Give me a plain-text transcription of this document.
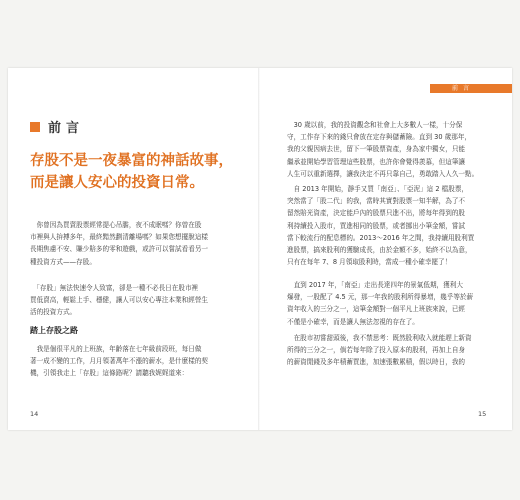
前言
存股不是一夜暴富的神話故事，
而是讓人安心的投資日常。

　你曾因為買賣股票經常提心吊膽，夜不成眠嗎？你曾在股

市裡與人拚搏多年，最終黯然劃清離場嗎？如果您想擺脫這樣

長期焦慮不安、賺少賠多的零和遊戲，或許可以嘗試看看另一

種投資方式——存股。

　「存股」無法快速令人致富，卻是一種不必長日在股市裡

買低賣高，輕鬆上手、穩健，讓人可以安心專注本業和經營生

活的投資方式。

踏上存股之路

　我是個很平凡的上班族，年齡落在七年級前段班，每日做

著一成不變的工作，月月領著萬年不漲的薪水，是什麼樣的契

機，引領我走上「存股」這條路呢？請聽我娓娓道來：

14
前言

　30 歲以前，我的投資觀念和社會上大多數人一樣，十分保

守，工作存下來的錢只會放在定存與儲蓄險。直到 30 歲那年，

我的父親因病去世，留下一筆股票資產，身為家中獨女，只能

繼承並開始學習管理這些股票，也許你會覺得羨慕，但這筆讓

人生可以重新選擇，讓我決定不再只靠自己，勇敢踏入人久一點。

　自 2013 年開始，靜手又買「南亞」、「亞泥」這 2 檔股票，

突然當了「股二代」的我，當時其實對股票一知半解，為了不

留然賠光資產，決定能戶內的股票只進不出，將每年得到的股

利持續投入股市，買進相同的股票，或者挪出小筆金額，嘗試

當下較流行的配息標的。2013～2016 年之間，我持續用股利買

進股票，搞來股利的獲驗成長，由於金額不多，始終不以為意，

只有在每年 7、8 月領取股利時，當成一種小確幸罷了！

　直到 2017 年，「南亞」走出長達四年的景氣低期，獲利大

爆發，一股配了 4.5 元，那一年我的股利所得暴增，幾乎等於薪

資年收入的三分之一，這筆金額對一個平凡上班族來說，已經

不僅是小確幸，而是讓人無法忽視的存在了。

　在股市初嘗甜頭後，我不禁思考：既然股利收入就能趕上新資

所得的三分之一，倘若每年除了投入原本的股利，再加上自身

的薪資閒錢及多年積蓄買進，加速張數累積，假以時日，我的

15
